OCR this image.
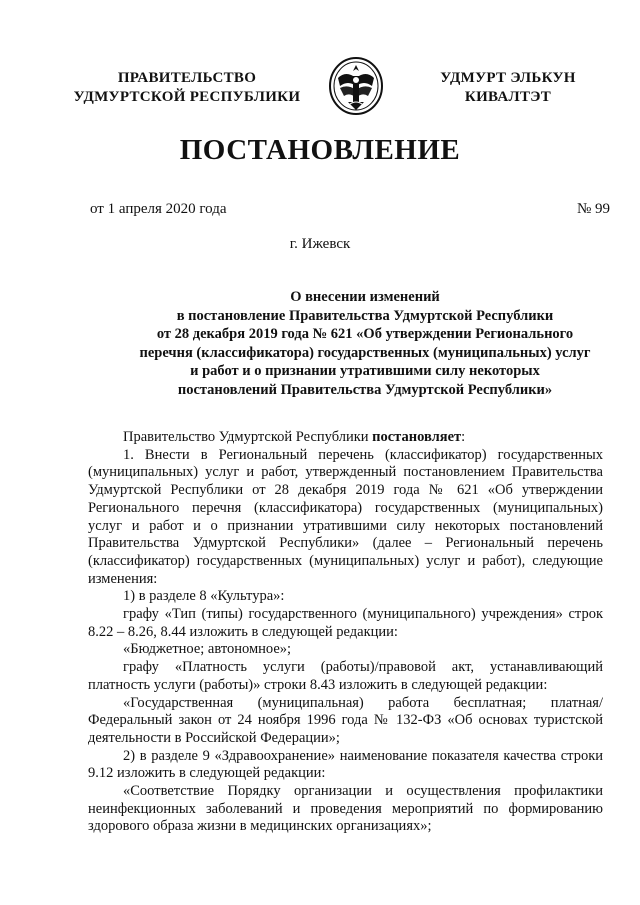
ПРАВИТЕЛЬСТВО
УДМУРТСКОЙ РЕСПУБЛИКИ
УДМУРТ ЭЛЬКУН
КИВАЛТЭТ
ПОСТАНОВЛЕНИЕ
от 1 апреля 2020 года	№ 99
г. Ижевск
О внесении изменений
в постановление Правительства Удмуртской Республики
от 28 декабря 2019 года № 621 «Об утверждении Регионального
перечня (классификатора) государственных (муниципальных) услуг
и работ и о признании утратившими силу некоторых
постановлений Правительства Удмуртской Республики»

Правительство Удмуртской Республики постановляет:

1. Внести в Региональный перечень (классификатор) государственных (муниципальных) услуг и работ, утвержденный постановлением Правительства Удмуртской Республики от 28 декабря 2019 года № 621 «Об утверждении Регионального перечня (классификатора) государственных (муниципальных) услуг и работ и о признании утратившими силу некоторых постановлений Правительства Удмуртской Республики» (далее – Региональный перечень (классификатор) государственных (муниципальных) услуг и работ), следующие изменения:

1) в разделе 8 «Культура»:

графу «Тип (типы) государственного (муниципального) учреждения» строк 8.22 – 8.26, 8.44 изложить в следующей редакции:

«Бюджетное; автономное»;

графу «Платность услуги (работы)/правовой акт, устанавливающий платность услуги (работы)» строки 8.43 изложить в следующей редакции:

«Государственная (муниципальная) работа бесплатная; платная/ Федеральный закон от 24 ноября 1996 года № 132-ФЗ «Об основах туристской деятельности в Российской Федерации»;

2) в разделе 9 «Здравоохранение» наименование показателя качества строки 9.12 изложить в следующей редакции:

«Соответствие Порядку организации и осуществления профилактики неинфекционных заболеваний и проведения мероприятий по формированию здорового образа жизни в медицинских организациях»;
